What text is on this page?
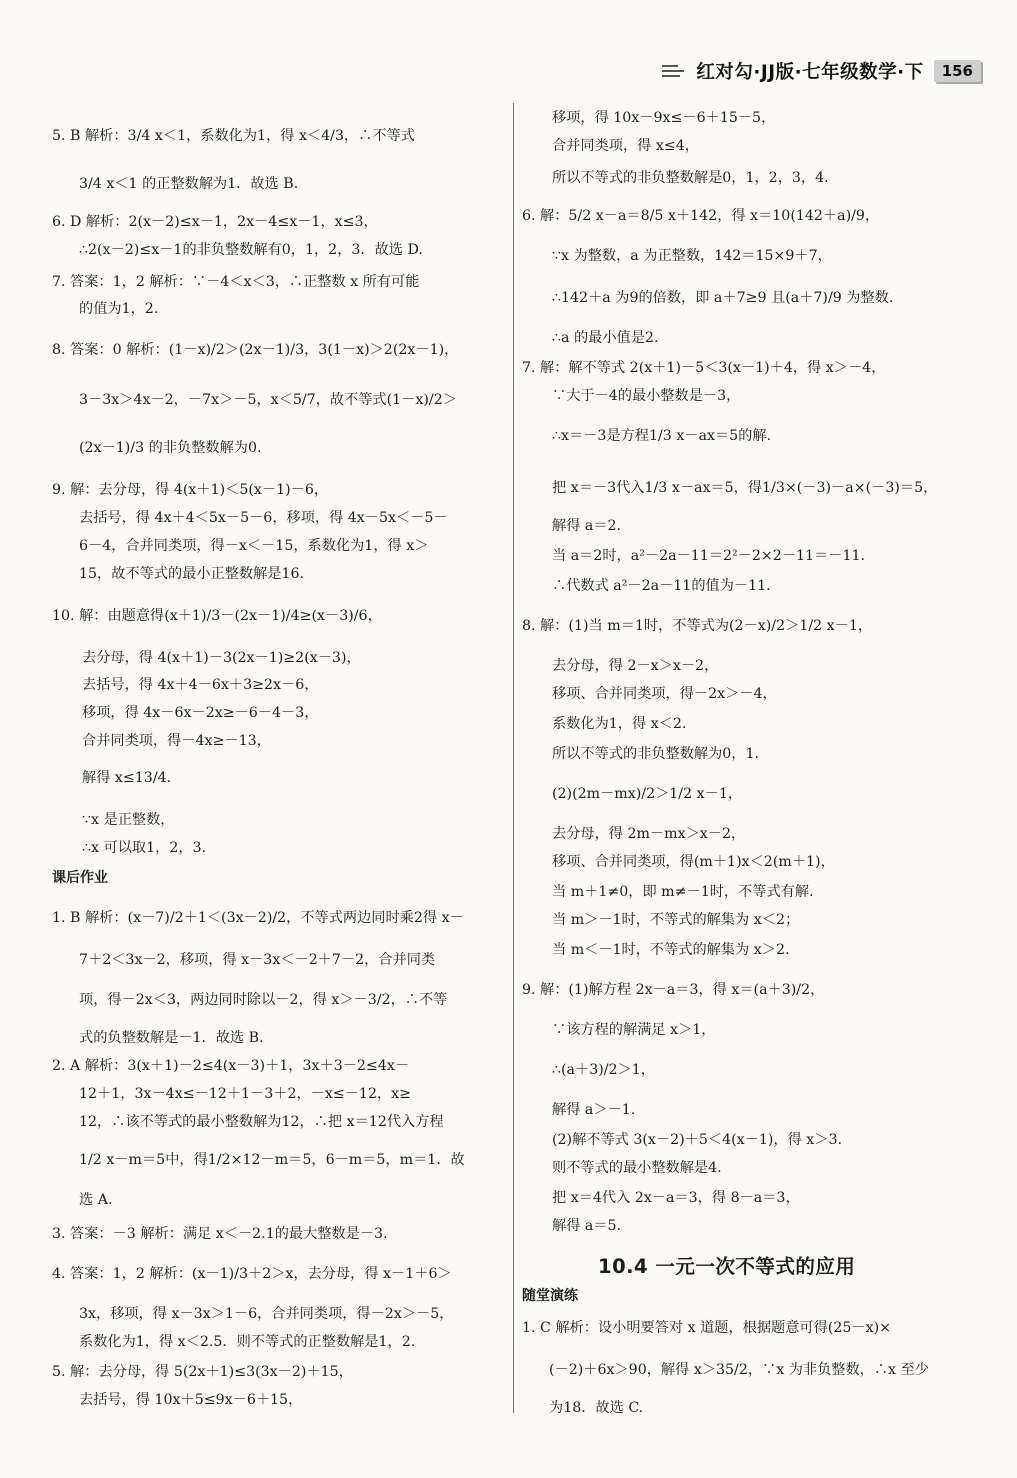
红对勾·JJ版·七年级数学·下	156
5. B 解析：3/4 x＜1，系数化为1，得 x＜4/3，∴不等式
3/4 x＜1 的正整数解为1．故选 B.
6. D 解析：2(x－2)≤x－1，2x－4≤x－1，x≤3，
∴2(x－2)≤x－1的非负整数解有0，1，2，3．故选 D.
7. 答案：1，2 解析：∵－4＜x＜3，∴正整数 x 所有可能
的值为1，2.
8. 答案：0 解析：(1－x)/2＞(2x－1)/3，3(1－x)＞2(2x－1)，
3－3x＞4x－2，－7x＞－5，x＜5/7，故不等式(1－x)/2＞
(2x－1)/3 的非负整数解为0.
9. 解：去分母，得 4(x＋1)＜5(x－1)－6，
去括号，得 4x＋4＜5x－5－6，移项，得 4x－5x＜－5－
6－4，合并同类项，得－x＜－15，系数化为1，得 x＞
15，故不等式的最小正整数解是16.
10. 解：由题意得(x＋1)/3－(2x－1)/4≥(x－3)/6，
去分母，得 4(x＋1)－3(2x－1)≥2(x－3)，
去括号，得 4x＋4－6x＋3≥2x－6，
移项，得 4x－6x－2x≥－6－4－3，
合并同类项，得－4x≥－13，
解得 x≤13/4.
∵x 是正整数，
∴x 可以取1，2，3.
课后作业
1. B 解析：(x－7)/2＋1＜(3x－2)/2，不等式两边同时乘2得 x－
7＋2＜3x－2，移项，得 x－3x＜－2＋7－2，合并同类
项，得－2x＜3，两边同时除以－2，得 x＞－3/2，∴不等
式的负整数解是－1．故选 B.
2. A 解析：3(x＋1)－2≤4(x－3)＋1，3x＋3－2≤4x－
12＋1，3x－4x≤－12＋1－3＋2，－x≤－12，x≥
12，∴该不等式的最小整数解为12，∴把 x＝12代入方程
1/2 x－m＝5中，得1/2×12－m＝5，6－m＝5，m＝1．故
选 A.
3. 答案：－3 解析：满足 x＜－2.1的最大整数是－3.
4. 答案：1，2 解析：(x－1)/3＋2＞x，去分母，得 x－1＋6＞
3x，移项，得 x－3x＞1－6，合并同类项，得－2x＞－5，
系数化为1，得 x＜2.5．则不等式的正整数解是1，2.
5. 解：去分母，得 5(2x＋1)≤3(3x－2)＋15，
去括号，得 10x＋5≤9x－6＋15，
移项，得 10x－9x≤－6＋15－5，
合并同类项，得 x≤4，
所以不等式的非负整数解是0，1，2，3，4.
6. 解：5/2 x－a＝8/5 x＋142，得 x＝10(142＋a)/9，
∵x 为整数，a 为正整数，142＝15×9＋7，
∴142＋a 为9的倍数，即 a＋7≥9 且(a＋7)/9 为整数.
∴a 的最小值是2.
7. 解：解不等式 2(x＋1)－5＜3(x－1)＋4，得 x＞－4，
∵大于－4的最小整数是－3，
∴x＝－3是方程1/3 x－ax＝5的解.
把 x＝－3代入1/3 x－ax＝5，得1/3×(－3)－a×(－3)＝5，
解得 a＝2.
当 a＝2时，a²－2a－11＝2²－2×2－11＝－11.
∴代数式 a²－2a－11的值为－11.
8. 解：(1)当 m＝1时，不等式为(2－x)/2＞1/2 x－1，
去分母，得 2－x＞x－2，
移项、合并同类项，得－2x＞－4，
系数化为1，得 x＜2.
所以不等式的非负整数解为0，1.
(2)(2m－mx)/2＞1/2 x－1，
去分母，得 2m－mx＞x－2，
移项、合并同类项，得(m＋1)x＜2(m＋1)，
当 m＋1≠0，即 m≠－1时，不等式有解.
当 m＞－1时，不等式的解集为 x＜2；
当 m＜－1时，不等式的解集为 x＞2.
9. 解：(1)解方程 2x－a＝3，得 x＝(a＋3)/2，
∵该方程的解满足 x＞1，
∴(a＋3)/2＞1，
解得 a＞－1.
(2)解不等式 3(x－2)＋5＜4(x－1)，得 x＞3.
则不等式的最小整数解是4.
把 x＝4代入 2x－a＝3，得 8－a＝3，
解得 a＝5.
随堂演练
1. C 解析：设小明要答对 x 道题，根据题意可得(25－x)×
(－2)＋6x＞90，解得 x＞35/2，∵x 为非负整数，∴x 至少
为18．故选 C.
10.4 一元一次不等式的应用
